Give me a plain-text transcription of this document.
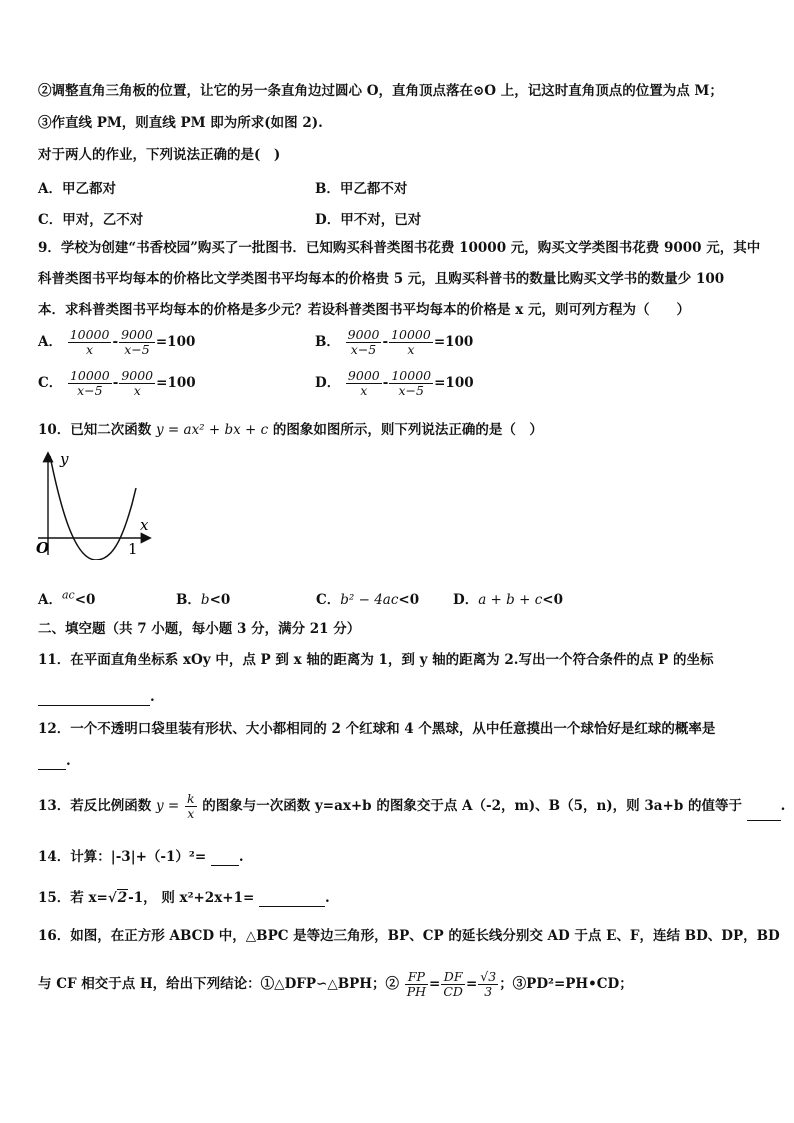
②调整直角三角板的位置，让它的另一条直角边过圆心 O，直角顶点落在⊙O 上，记这时直角顶点的位置为点 M；
③作直线 PM，则直线 PM 即为所求(如图 2).
对于两人的作业，下列说法正确的是(　)
A．甲乙都对	B．甲乙都不对
C．甲对，乙不对	D．甲不对，已对
9．学校为创建“书香校园”购买了一批图书．已知购买科普类图书花费 10000 元，购买文学类图书花费 9000 元，其中
科普类图书平均每本的价格比文学类图书平均每本的价格贵 5 元，且购买科普书的数量比购买文学书的数量少 100
本．求科普类图书平均每本的价格是多少元？若设科普类图书平均每本的价格是 x 元，则可列方程为（　　）
A． $\frac{10000}{x} - \frac{9000}{x-5} =100$	B． $\frac{9000}{x-5} - \frac{10000}{x} =100$
C． $\frac{10000}{x-5} - \frac{9000}{x} =100$	D． $\frac{9000}{x} - \frac{10000}{x-5} =100$
10．已知二次函数 y = ax² + bx + c 的图象如图所示，则下列说法正确的是（　）
y
x
O	1
A．$^{ac}$<0	B．b<0	C．b² − 4ac<0	D．a + b + c<0
二、填空题（共 7 小题，每小题 3 分，满分 21 分）
11．在平面直角坐标系 xOy 中，点 P 到 x 轴的距离为 1，到 y 轴的距离为 2.写出一个符合条件的点 P 的坐标
.
12．一个不透明口袋里装有形状、大小都相同的 2 个红球和 4 个黑球，从中任意摸出一个球恰好是红球的概率是
.
13．若反比例函数 $y = \frac{k}{x}$ 的图象与一次函数 y=ax+b 的图象交于点 A（-2，m)、B（5，n)，则 3a+b 的值等于	.
14．计算：|-3|+（-1）²= .
15．若 x=√2-1， 则 x²+2x+1=	.
16．如图，在正方形 ABCD 中，△BPC 是等边三角形，BP、CP 的延长线分别交 AD 于点 E、F，连结 BD、DP，BD
与 CF 相交于点 H，给出下列结论：①△DFP∽△BPH；② $\frac{FP}{PH} = \frac{DF}{CD} = \frac{√3}{3}$ ；③PD²=PH•CD；
